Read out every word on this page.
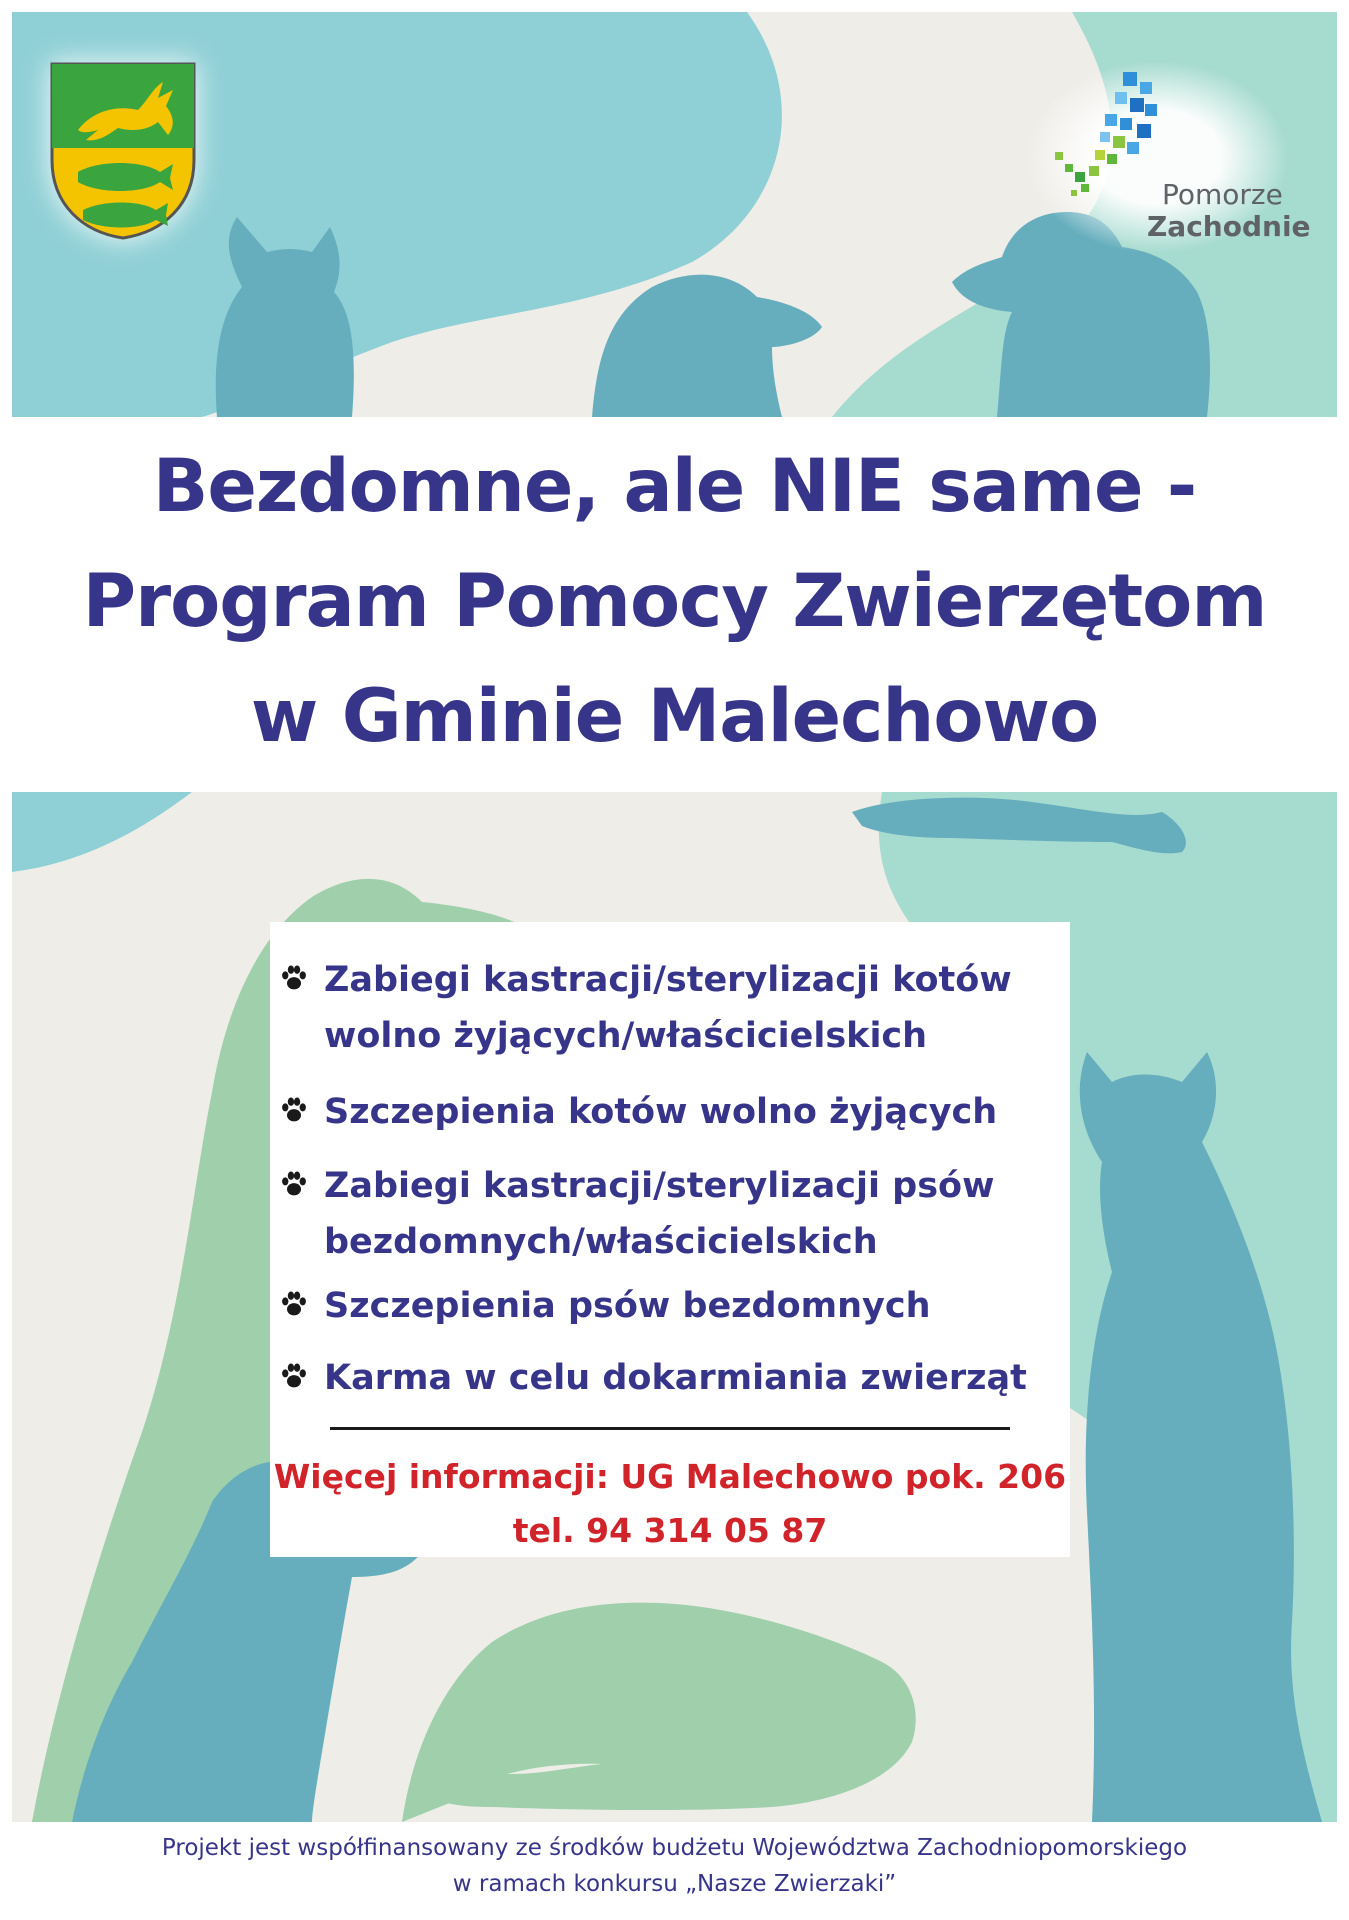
Pomorze
Zachodnie
Bezdomne, ale NIE same -
Program Pomocy Zwierzętom
w Gminie Malechowo
Zabiegi kastracji/sterylizacji kotów
wolno żyjących/właścicielskich
Szczepienia kotów wolno żyjących
Zabiegi kastracji/sterylizacji psów
bezdomnych/właścicielskich
Szczepienia psów bezdomnych
Karma w celu dokarmiania zwierząt
Więcej informacji: UG Malechowo pok. 206
tel. 94 314 05 87
Projekt jest współfinansowany ze środków budżetu Województwa Zachodniopomorskiego
w ramach konkursu „Nasze Zwierzaki”
